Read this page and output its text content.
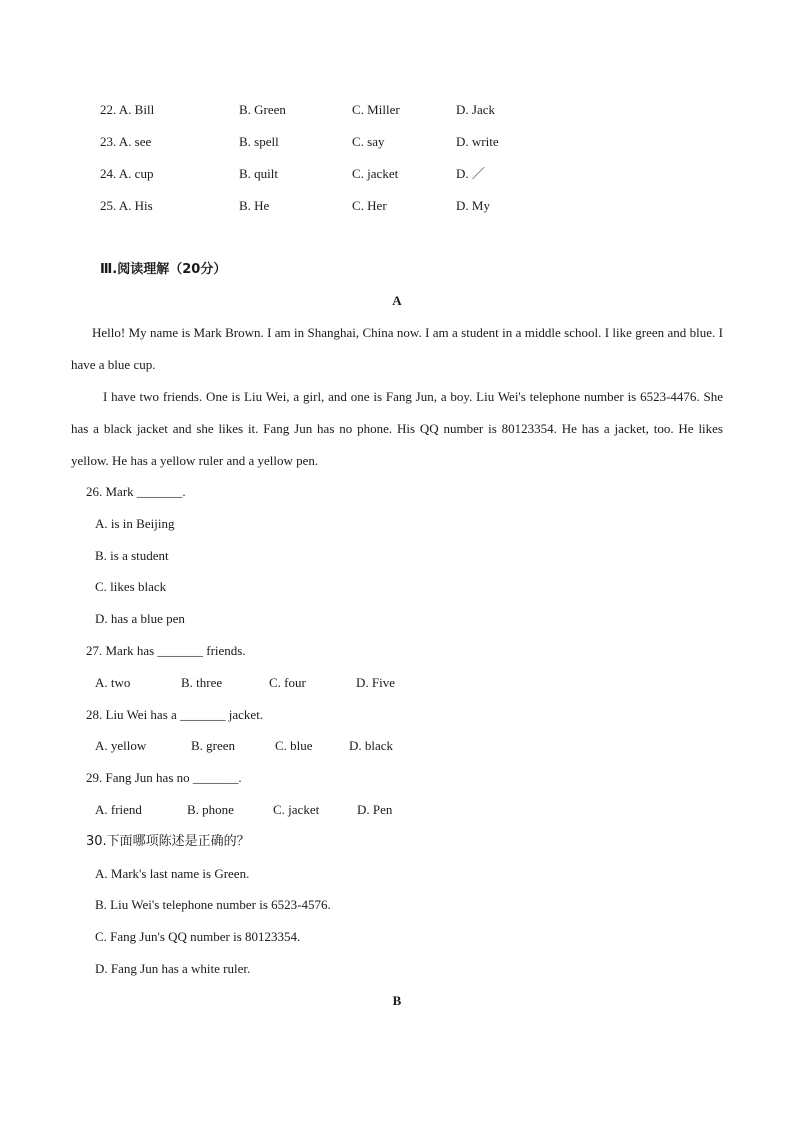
22. A. Bill	B. Green	C. Miller	D. Jack
23. A. see	B. spell	C. say	D. write
24. A. cup	B. quilt	C. jacket	D. ／
25. A. His	B. He	C. Her	D. My
Ⅲ.阅读理解（20分）
A
Hello! My name is Mark Brown. I am in Shanghai, China now. I am a student in a middle school. I like green and blue. I have a blue cup.
I have two friends. One is Liu Wei, a girl, and one is Fang Jun, a boy. Liu Wei's telephone number is 6523-4476. She has a black jacket and she likes it. Fang Jun has no phone. His QQ number is 80123354. He has a jacket, too. He likes yellow. He has a yellow ruler and a yellow pen.
26. Mark _______.
A. is in Beijing
B. is a student
C. likes black
D. has a blue pen
27. Mark has _______ friends.
A. two	B. three	C. four	D. Five
28. Liu Wei has a _______ jacket.
A. yellow	B. green	C. blue	D. black
29. Fang Jun has no _______.
A. friend	B. phone	C. jacket	D. Pen
30.下面哪项陈述是正确的？
A. Mark's last name is Green.
B. Liu Wei's telephone number is 6523-4576.
C. Fang Jun's QQ number is 80123354.
D. Fang Jun has a white ruler.
B
